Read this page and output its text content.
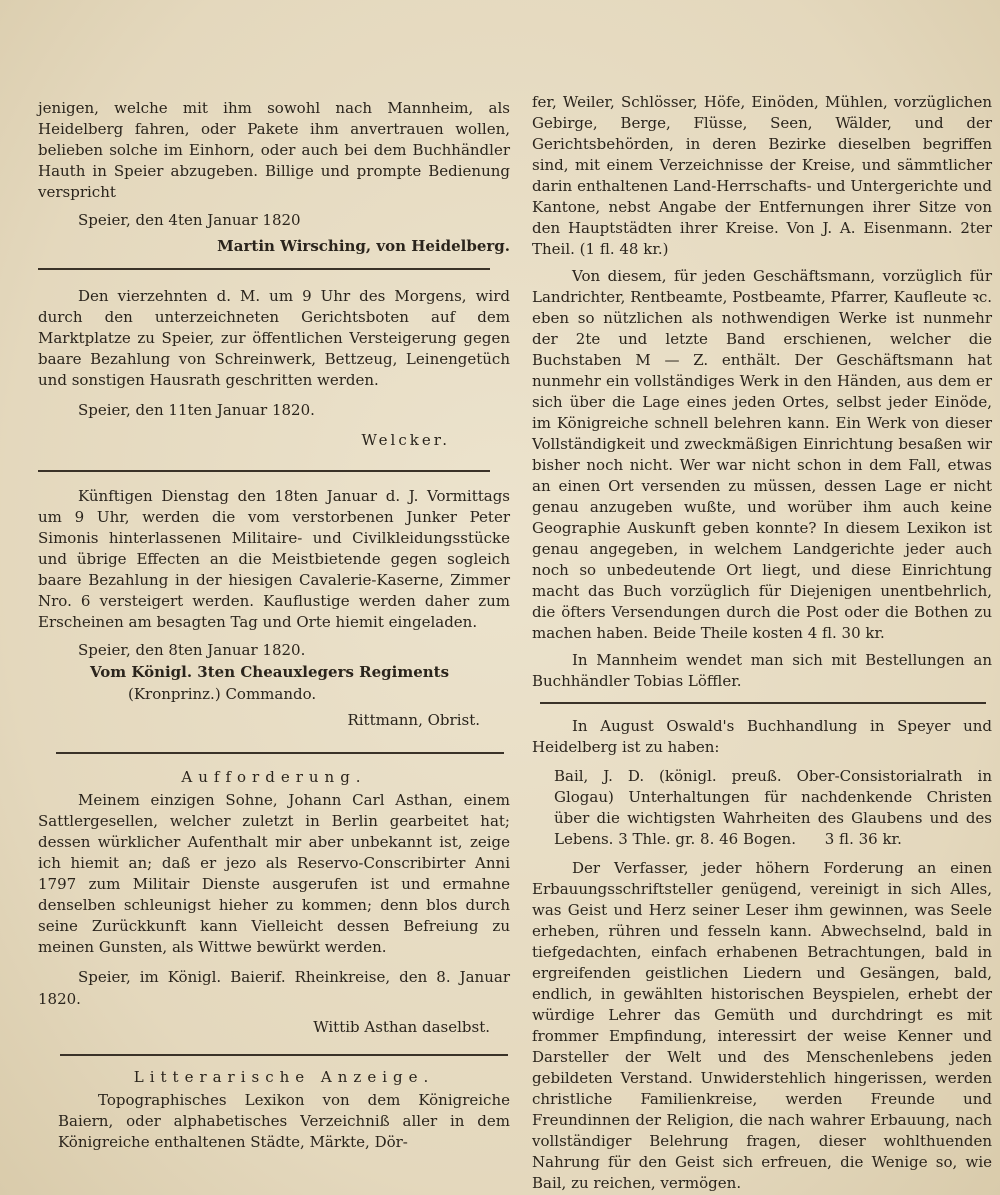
jenigen, welche mit ihm sowohl nach Mannheim, als Heidelberg fahren, oder Pakete ihm anvertrauen wollen, belieben solche im Einhorn, oder auch bei dem Buchhändler Hauth in Speier abzugeben. Billige und prompte Bedienung verspricht

Speier, den 4ten Januar 1820

Martin Wirsching, von Heidelberg.

Den vierzehnten d. M. um 9 Uhr des Morgens, wird durch den unterzeichneten Gerichtsboten auf dem Marktplatze zu Speier, zur öffentlichen Versteigerung gegen baare Bezahlung von Schreinwerk, Bettzeug, Leinengetüch und sonstigen Hausrath geschritten werden.

Speier, den 11ten Januar 1820.

Welcker.

Künftigen Dienstag den 18ten Januar d. J. Vormittags um 9 Uhr, werden die vom verstorbenen Junker Peter Simonis hinterlassenen Militaire- und Civilkleidungsstücke und übrige Effecten an die Meistbietende gegen sogleich baare Bezahlung in der hiesigen Cavalerie-Kaserne, Zimmer Nro. 6 versteigert werden. Kauflustige werden daher zum Erscheinen am besagten Tag und Orte hiemit eingeladen.

Speier, den 8ten Januar 1820.

Vom Königl. 3ten Cheauxlegers Regiments

(Kronprinz.) Commando.

Rittmann, Obrist.

Aufforderung.

Meinem einzigen Sohne, Johann Carl Asthan, einem Sattlergesellen, welcher zuletzt in Berlin gearbeitet hat; dessen würklicher Aufenthalt mir aber unbekannt ist, zeige ich hiemit an; daß er jezo als Reservo-Conscribirter Anni 1797 zum Militair Dienste ausgerufen ist und ermahne denselben schleunigst hieher zu kommen; denn blos durch seine Zurückkunft kann Vielleicht dessen Befreiung zu meinen Gunsten, als Wittwe bewürkt werden.

Speier, im Königl. Baierif. Rheinkreise, den 8. Januar 1820.

Wittib Asthan daselbst.

Litterarische Anzeige.

Topographisches Lexikon von dem Königreiche Baiern, oder alphabetisches Verzeichniß aller in dem Königreiche enthaltenen Städte, Märkte, Dör-

fer, Weiler, Schlösser, Höfe, Einöden, Mühlen, vorzüglichen Gebirge, Berge, Flüsse, Seen, Wälder, und der Gerichtsbehörden, in deren Bezirke dieselben begriffen sind, mit einem Verzeichnisse der Kreise, und sämmtlicher darin enthaltenen Land-Herrschafts- und Untergerichte und Kantone, nebst Angabe der Entfernungen ihrer Sitze von den Hauptstädten ihrer Kreise. Von J. A. Eisenmann. 2ter Theil. (1 fl. 48 kr.)

Von diesem, für jeden Geschäftsmann, vorzüglich für Landrichter, Rentbeamte, Postbeamte, Pfarrer, Kaufleute ꝛc. eben so nützlichen als nothwendigen Werke ist nunmehr der 2te und letzte Band erschienen, welcher die Buchstaben M — Z. enthält. Der Geschäftsmann hat nunmehr ein vollständiges Werk in den Händen, aus dem er sich über die Lage eines jeden Ortes, selbst jeder Einöde, im Königreiche schnell belehren kann. Ein Werk von dieser Vollständigkeit und zweckmäßigen Einrichtung besaßen wir bisher noch nicht. Wer war nicht schon in dem Fall, etwas an einen Ort versenden zu müssen, dessen Lage er nicht genau anzugeben wußte, und worüber ihm auch keine Geographie Auskunft geben konnte? In diesem Lexikon ist genau angegeben, in welchem Landgerichte jeder auch noch so unbedeutende Ort liegt, und diese Einrichtung macht das Buch vorzüglich für Diejenigen unentbehrlich, die öfters Versendungen durch die Post oder die Bothen zu machen haben. Beide Theile kosten 4 fl. 30 kr.

In Mannheim wendet man sich mit Bestellungen an Buchhändler Tobias Löffler.

In August Oswald's Buchhandlung in Speyer und Heidelberg ist zu haben:

Bail, J. D. (königl. preuß. Ober-Consistorialrath in Glogau) Unterhaltungen für nachdenkende Christen über die wichtigsten Wahrheiten des Glaubens und des Lebens. 3 Thle. gr. 8. 46 Bogen. 3 fl. 36 kr.

Der Verfasser, jeder höhern Forderung an einen Erbauungsschriftsteller genügend, vereinigt in sich Alles, was Geist und Herz seiner Leser ihm gewinnen, was Seele erheben, rühren und fesseln kann. Abwechselnd, bald in tiefgedachten, einfach erhabenen Betrachtungen, bald in ergreifenden geistlichen Liedern und Gesängen, bald, endlich, in gewählten historischen Beyspielen, erhebt der würdige Lehrer das Gemüth und durchdringt es mit frommer Empfindung, interessirt der weise Kenner und Darsteller der Welt und des Menschenlebens jeden gebildeten Verstand. Unwiderstehlich hingerissen, werden christliche Familienkreise, werden Freunde und Freundinnen der Religion, die nach wahrer Erbauung, nach vollständiger Belehrung fragen, dieser wohlthuenden Nahrung für den Geist sich erfreuen, die Wenige so, wie Bail, zu reichen, vermögen.
